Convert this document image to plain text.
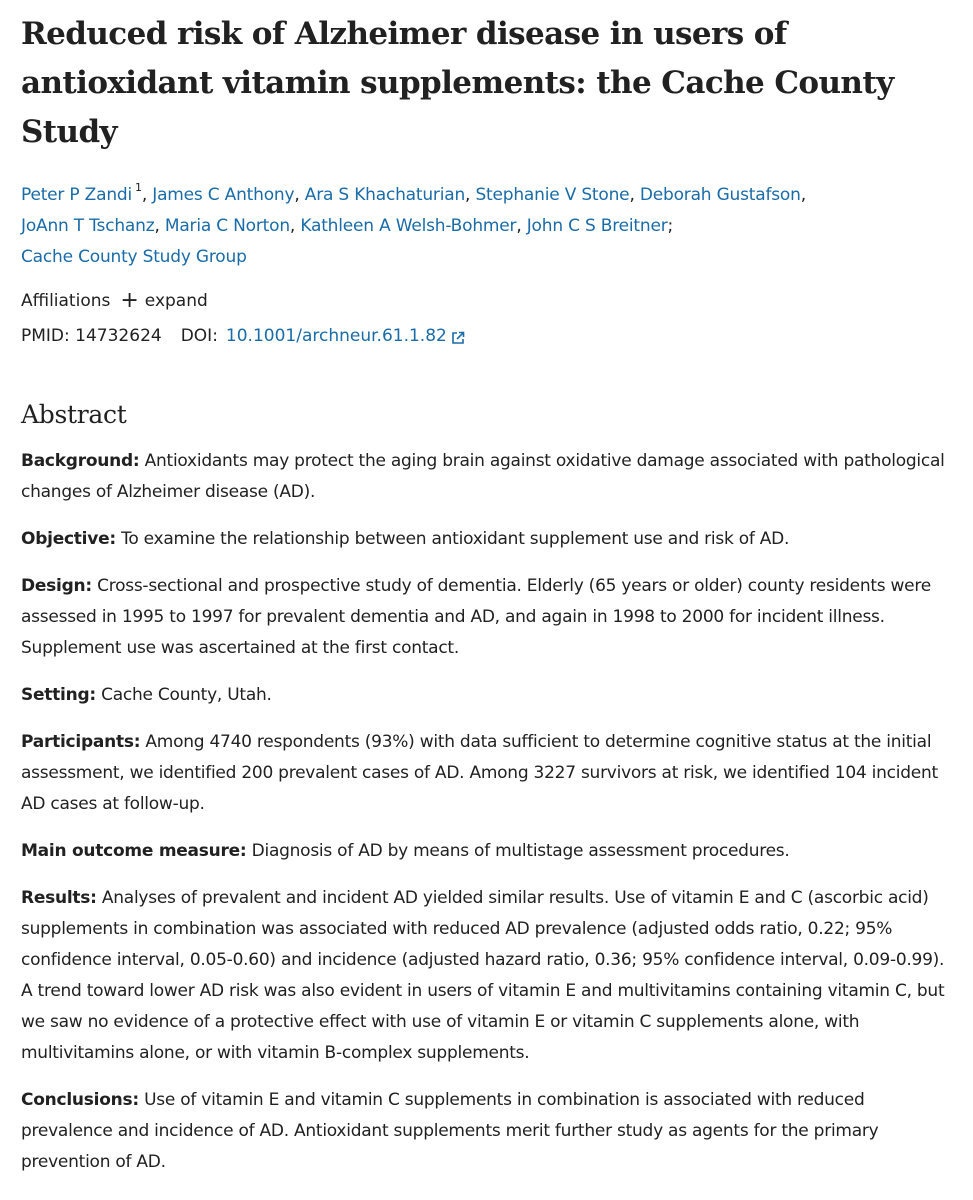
Reduced risk of Alzheimer disease in users of antioxidant vitamin supplements: the Cache County Study
Peter P Zandi $^1$, James C Anthony, Ara S Khachaturian, Stephanie V Stone, Deborah Gustafson,
JoAnn T Tschanz, Maria C Norton, Kathleen A Welsh-Bohmer, John C S Breitner;
Cache County Study Group
Affiliations + expand
PMID:
14732624 DOI: 10.1001/archneur.61.1.82
Abstract

Background: Antioxidants may protect the aging brain against oxidative damage associated with pathological changes of Alzheimer disease (AD).

Objective: To examine the relationship between antioxidant supplement use and risk of AD.

Design: Cross-sectional and prospective study of dementia. Elderly (65 years or older) county residents were assessed in 1995 to 1997 for prevalent dementia and AD, and again in 1998 to 2000 for incident illness. Supplement use was ascertained at the first contact.

Setting: Cache County, Utah.

Participants: Among 4740 respondents (93%) with data sufficient to determine cognitive status at the initial assessment, we identified 200 prevalent cases of AD. Among 3227 survivors at risk, we identified 104 incident AD cases at follow-up.

Main outcome measure: Diagnosis of AD by means of multistage assessment procedures.

Results: Analyses of prevalent and incident AD yielded similar results. Use of vitamin E and C (ascorbic acid) supplements in combination was associated with reduced AD prevalence (adjusted odds ratio, 0.22; 95% confidence interval, 0.05-0.60) and incidence (adjusted hazard ratio, 0.36; 95% confidence interval, 0.09-0.99). A trend toward lower AD risk was also evident in users of vitamin E and multivitamins containing vitamin C, but we saw no evidence of a protective effect with use of vitamin E or vitamin C supplements alone, with multivitamins alone, or with vitamin B-complex supplements.

Conclusions: Use of vitamin E and vitamin C supplements in combination is associated with reduced prevalence and incidence of AD. Antioxidant supplements merit further study as agents for the primary prevention of AD.
